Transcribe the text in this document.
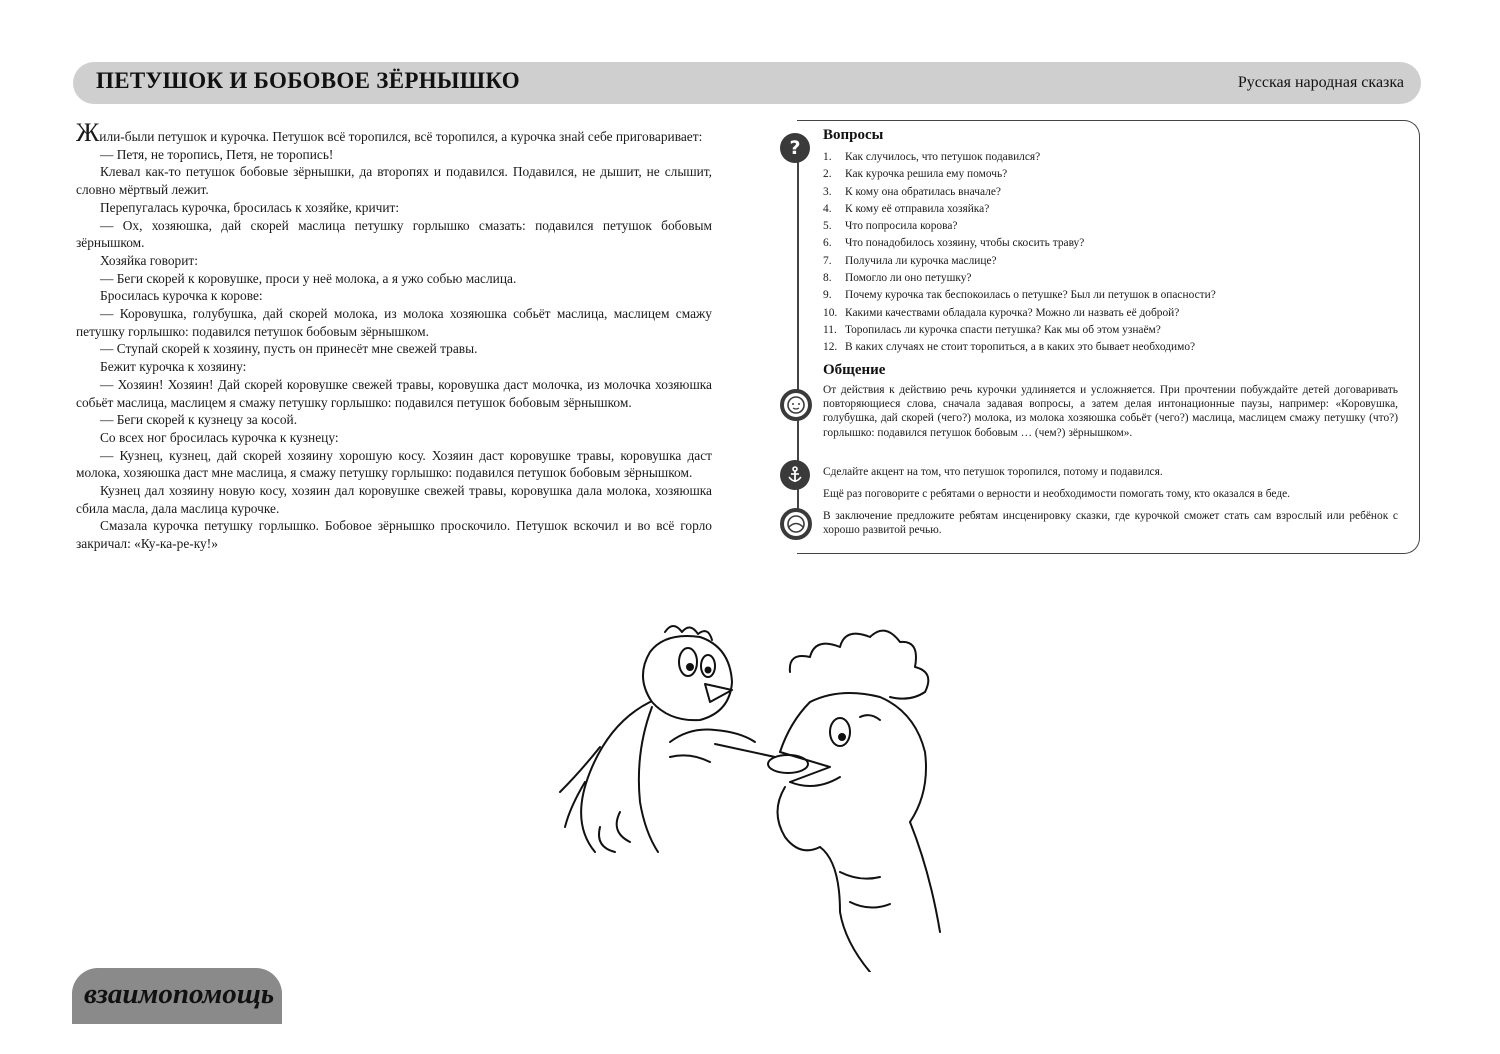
ПЕТУШОК И БОБОВОЕ ЗЁРНЫШКО	Русская народная сказка

Жили-были петушок и курочка. Петушок всё торопился, всё торопился, а курочка знай себе приговаривает:

— Петя, не торопись, Петя, не торопись!

Клевал как-то петушок бобовые зёрнышки, да второпях и подавился. Подавился, не дышит, не слышит, словно мёртвый лежит.

Перепугалась курочка, бросилась к хозяйке, кричит:

— Ох, хозяюшка, дай скорей маслица петушку горлышко смазать: подавился петушок бобовым зёрнышком.

Хозяйка говорит:

— Беги скорей к коровушке, проси у неё молока, а я ужо собью маслица.

Бросилась курочка к корове:

— Коровушка, голубушка, дай скорей молока, из молока хозяюшка собьёт маслица, маслицем смажу петушку горлышко: подавился петушок бобовым зёрнышком.

— Ступай скорей к хозяину, пусть он принесёт мне свежей травы.

Бежит курочка к хозяину:

— Хозяин! Хозяин! Дай скорей коровушке свежей травы, коровушка даст молочка, из молочка хозяюшка собьёт маслица, маслицем я смажу петушку горлышко: подавился петушок бобовым зёрнышком.

— Беги скорей к кузнецу за косой.

Со всех ног бросилась курочка к кузнецу:

— Кузнец, кузнец, дай скорей хозяину хорошую косу. Хозяин даст коровушке травы, коровушка даст молока, хозяюшка даст мне маслица, я смажу петушку горлышко: подавился петушок бобовым зёрнышком.

Кузнец дал хозяину новую косу, хозяин дал коровушке свежей травы, коровушка дала молока, хозяюшка сбила масла, дала маслица курочке.

Смазала курочка петушку горлышко. Бобовое зёрнышко проскочило. Петушок вскочил и во всё горло закричал: «Ку-ка-ре-ку!»

?
Вопросы
1.	Как случилось, что петушок подавился?
2.	Как курочка решила ему помочь?
3.	К кому она обратилась вначале?
4.	К кому её отправила хозяйка?
5.	Что попросила корова?
6.	Что понадобилось хозяину, чтобы скосить траву?
7.	Получила ли курочка маслице?
8.	Помогло ли оно петушку?
9.	Почему курочка так беспокоилась о петушке? Был ли петушок в опасности?
10. Какими качествами обладала курочка? Можно ли назвать её доброй?
11. Торопилась ли курочка спасти петушка? Как мы об этом узнаём?
12. В каких случаях не стоит торопиться, а в каких это бывает необходимо?
Общение

От действия к действию речь курочки удлиняется и усложняется. При прочтении побуждайте детей договаривать повторяющиеся слова, сначала задавая вопросы, а затем делая интонационные паузы, например: «Коровушка, голубушка, дай скорей (чего?) молока, из молока хозяюшка собьёт (чего?) маслица, маслицем смажу петушку (что?) горлышко: подавился петушок бобовым … (чем?) зёрнышком».

Сделайте акцент на том, что петушок торопился, потому и подавился.

Ещё раз поговорите с ребятами о верности и необходимости помогать тому, кто оказался в беде.

В заключение предложите ребятам инсценировку сказки, где курочкой сможет стать сам взрослый или ребёнок с хорошо развитой речью.

взаимопомощь
